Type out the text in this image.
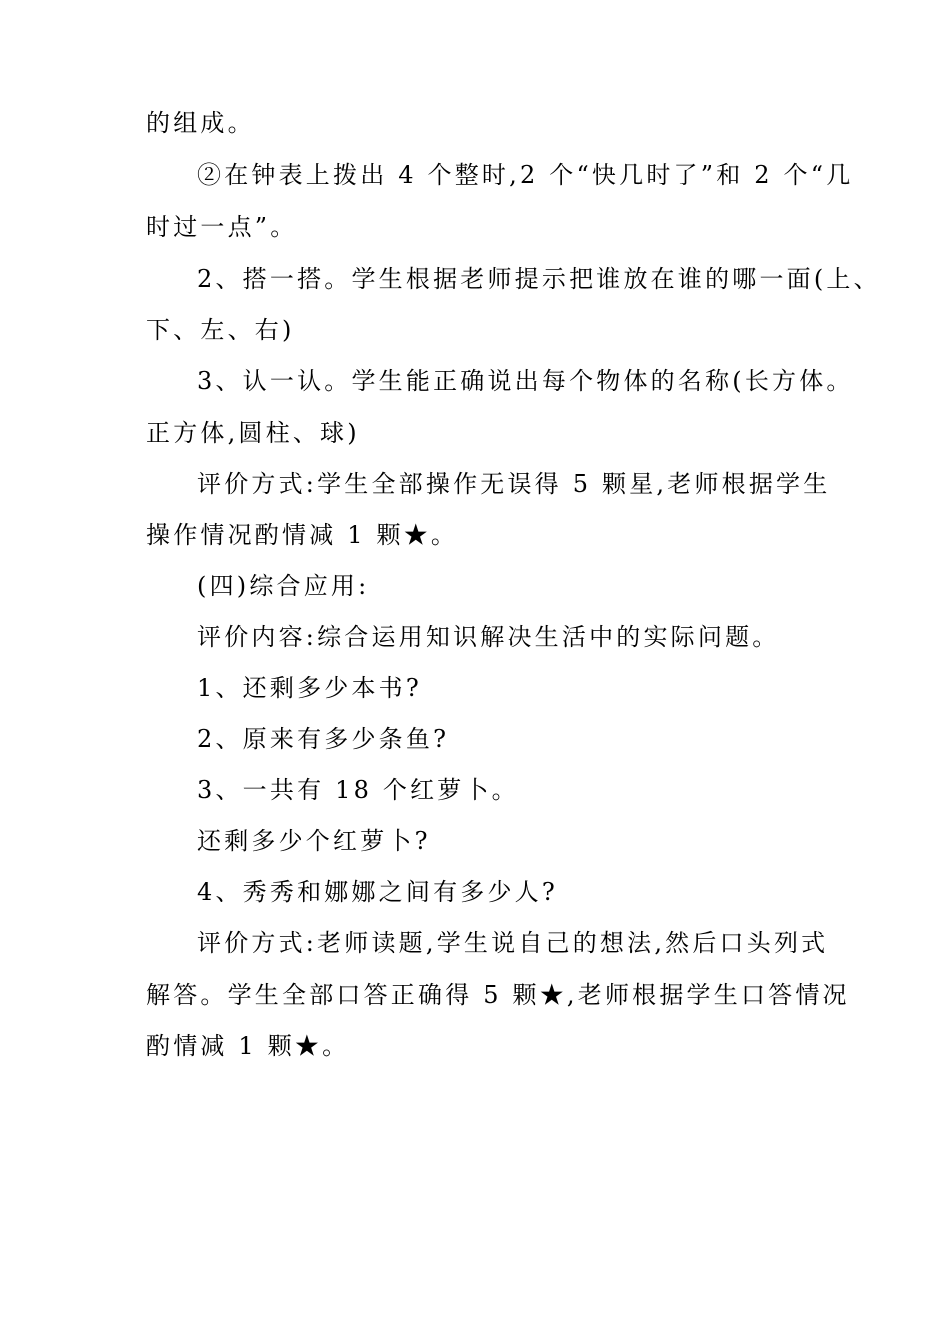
的组成。
②在钟表上拨出 4 个整时,2 个“快几时了”和 2 个“几
时过一点”。
2、搭一搭。学生根据老师提示把谁放在谁的哪一面(上、
下、左、右)
3、认一认。学生能正确说出每个物体的名称(长方体。
正方体,圆柱、球)
评价方式:学生全部操作无误得 5 颗星,老师根据学生
操作情况酌情减 1 颗★。
(四)综合应用:
评价内容:综合运用知识解决生活中的实际问题。
1、还剩多少本书?
2、原来有多少条鱼?
3、一共有 18 个红萝卜。
还剩多少个红萝卜?
4、秀秀和娜娜之间有多少人?
评价方式:老师读题,学生说自己的想法,然后口头列式
解答。学生全部口答正确得 5 颗★,老师根据学生口答情况
酌情减 1 颗★。
